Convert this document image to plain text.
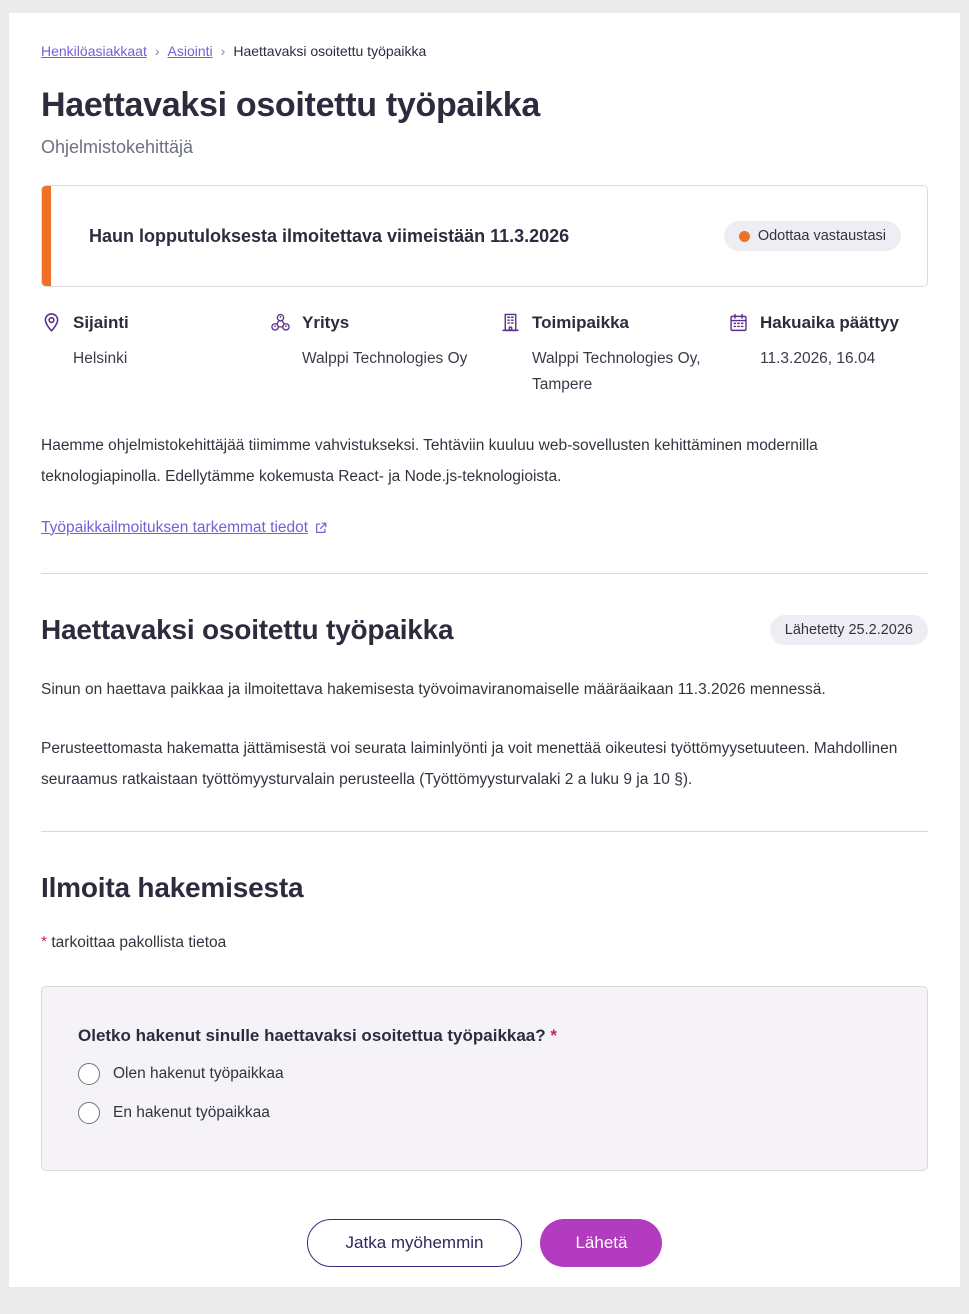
Henkilöasiakkaat › Asiointi › Haettavaksi osoitettu työpaikka
Haettavaksi osoitettu työpaikka
Ohjelmistokehittäjä
Haun lopputuloksesta ilmoitettava viimeistään 11.3.2026	Odottaa vastaustasi
Sijainti
Helsinki
Yritys
Walppi Technologies Oy
Toimipaikka
Walppi Technologies Oy, Tampere
Hakuaika päättyy
11.3.2026, 16.04

Haemme ohjelmistokehittäjää tiimimme vahvistukseksi. Tehtäviin kuuluu web-sovellusten kehittäminen modernilla teknologiapinolla. Edellytämme kokemusta React- ja Node.js-teknologioista.

Työpaikkailmoituksen tarkemmat tiedot
Haettavaksi osoitettu työpaikka	Lähetetty 25.2.2026

Sinun on haettava paikkaa ja ilmoitettava hakemisesta työvoimaviranomaiselle määräaikaan 11.3.2026 mennessä.

Perusteettomasta hakematta jättämisestä voi seurata laiminlyönti ja voit menettää oikeutesi työttömyysetuuteen. Mahdollinen seuraamus ratkaistaan työttömyysturvalain perusteella (Työttömyysturvalaki 2 a luku 9 ja 10 §).

Ilmoita hakemisesta

* tarkoittaa pakollista tietoa

Oletko hakenut sinulle haettavaksi osoitettua työpaikkaa? *
Olen hakenut työpaikkaa
En hakenut työpaikkaa
Jatka myöhemmin	Lähetä
